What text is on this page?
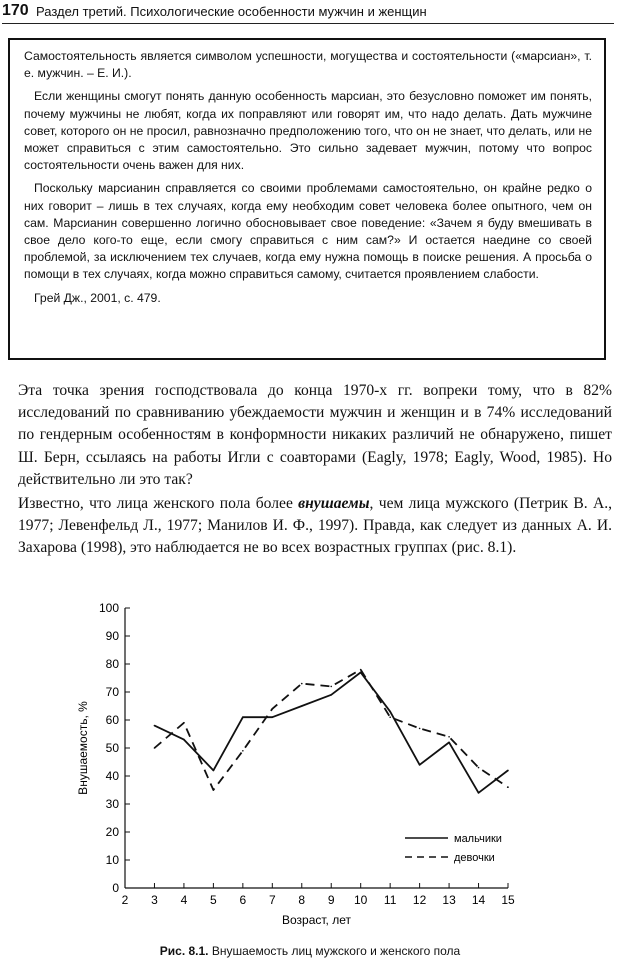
170 Раздел третий. Психологические особенности мужчин и женщин

Самостоятельность является символом успешности, могущества и состоятельности («марсиан», т. е. мужчин. – Е. И.).

Если женщины смогут понять данную особенность марсиан, это безусловно поможет им понять, почему мужчины не любят, когда их поправляют или говорят им, что надо делать. Дать мужчине совет, которого он не просил, равнозначно предположению того, что он не знает, что делать, или не может справиться с этим самостоятельно. Это сильно задевает мужчин, потому что вопрос состоятельности очень важен для них.

Поскольку марсианин справляется со своими проблемами самостоятельно, он крайне редко о них говорит – лишь в тех случаях, когда ему необходим совет человека более опытного, чем он сам. Марсианин совершенно логично обосновывает свое поведение: «Зачем я буду вмешивать в свое дело кого-то еще, если смогу справиться с ним сам?» И остается наедине со своей проблемой, за исключением тех случаев, когда ему нужна помощь в поиске решения. А просьба о помощи в тех случаях, когда можно справиться самому, считается проявлением слабости.

Грей Дж., 2001, с. 479.

Эта точка зрения господствовала до конца 1970-х гг. вопреки тому, что в 82% исследований по сравниванию убеждаемости мужчин и женщин и в 74% исследований по гендерным особенностям в конформности никаких различий не обнаружено, пишет Ш. Берн, ссылаясь на работы Игли с соавторами (Eagly, 1978; Eagly, Wood, 1985). Но действительно ли это так?

Известно, что лица женского пола более внушаемы, чем лица мужского (Петрик В. А., 1977; Левенфельд Л., 1977; Манилов И. Ф., 1997). Правда, как следует из данных А. И. Захарова (1998), это наблюдается не во всех возрастных группах (рис. 8.1).

0
10
20
30
40
50
60
70
80
90
100
2 3 4 5 6 7 8 9 10 11 12 13 14 15
мальчики
девочки
Возраст, лет
Внушаемость, %
Рис. 8.1. Внушаемость лиц мужского и женского пола
